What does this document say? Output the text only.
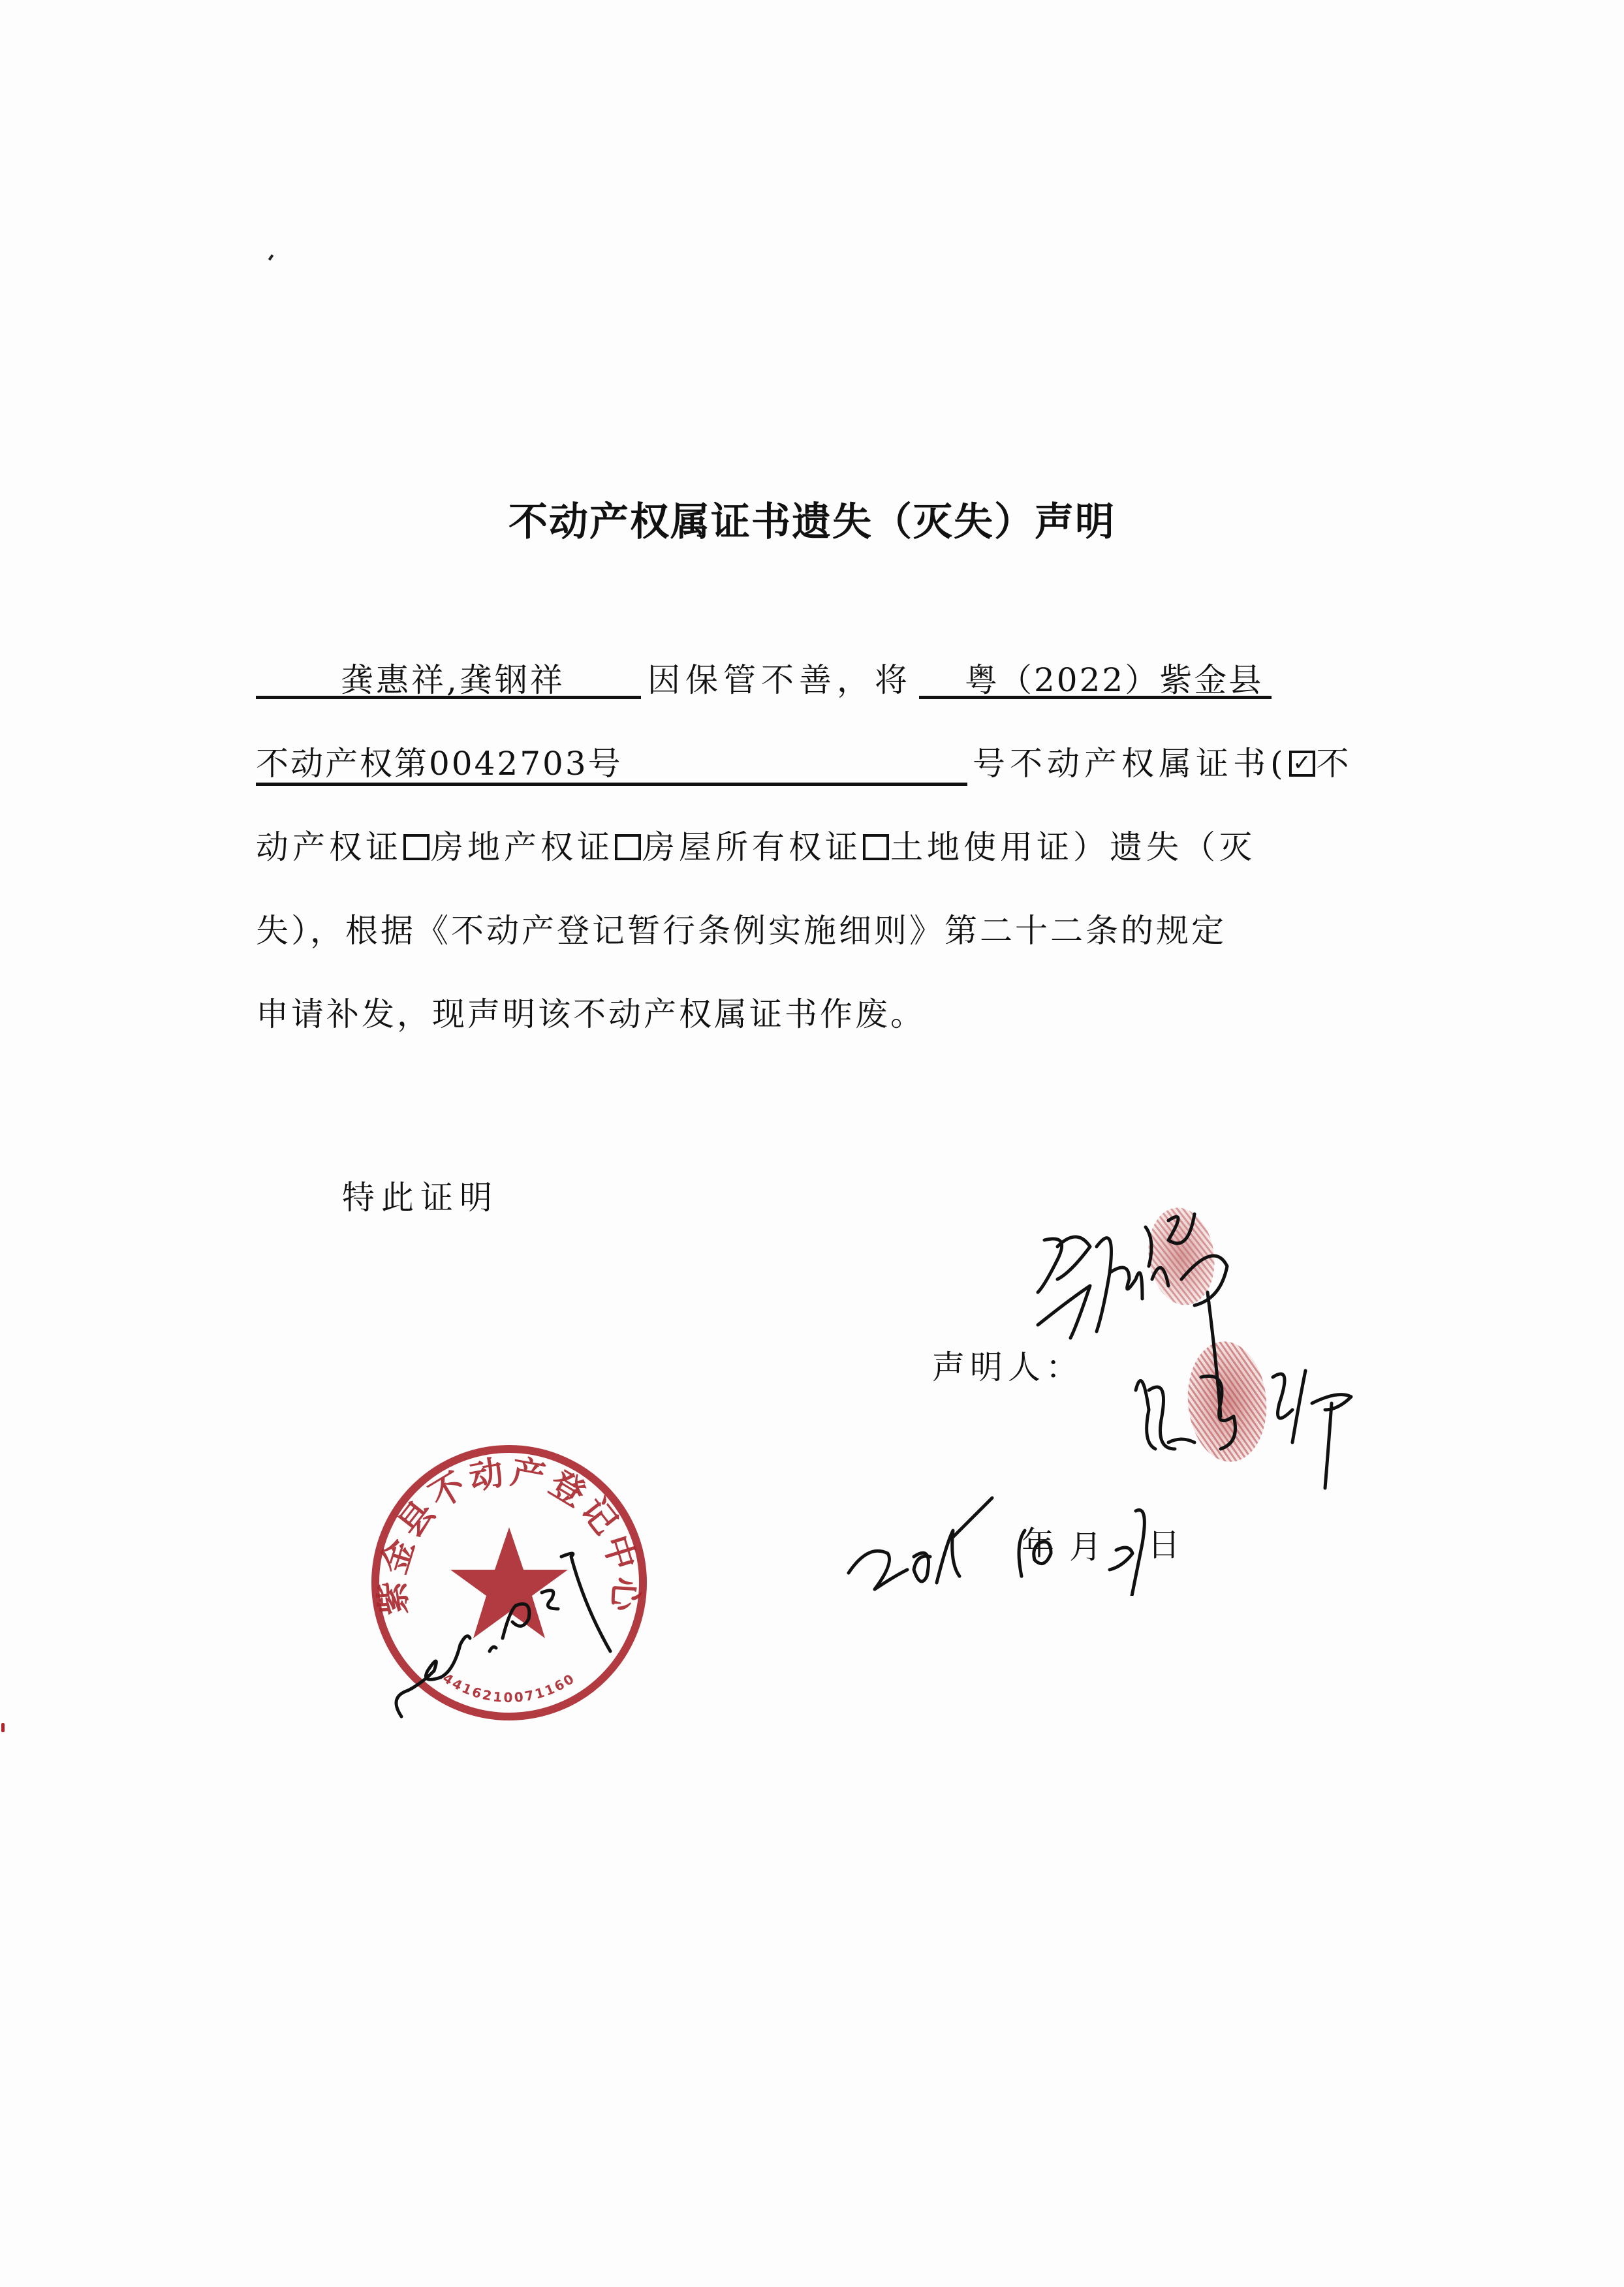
不动产权属证书遗失（灭失）声明
龚惠祥,龚钢祥	因保管不善，将 粤（2022）紫金县
不动产权第0042703号	号不动产权属证书( ✓ 不
动产权证 房地产权证 房屋所有权证 土地使用证）遗失（灭
失），根据《不动产登记暂行条例实施细则》第二十二条的规定
申请补发，现声明该不动产权属证书作废。
特此证明
声明人：
年 月 日
紫金县不动产登记中心
4416210071160
